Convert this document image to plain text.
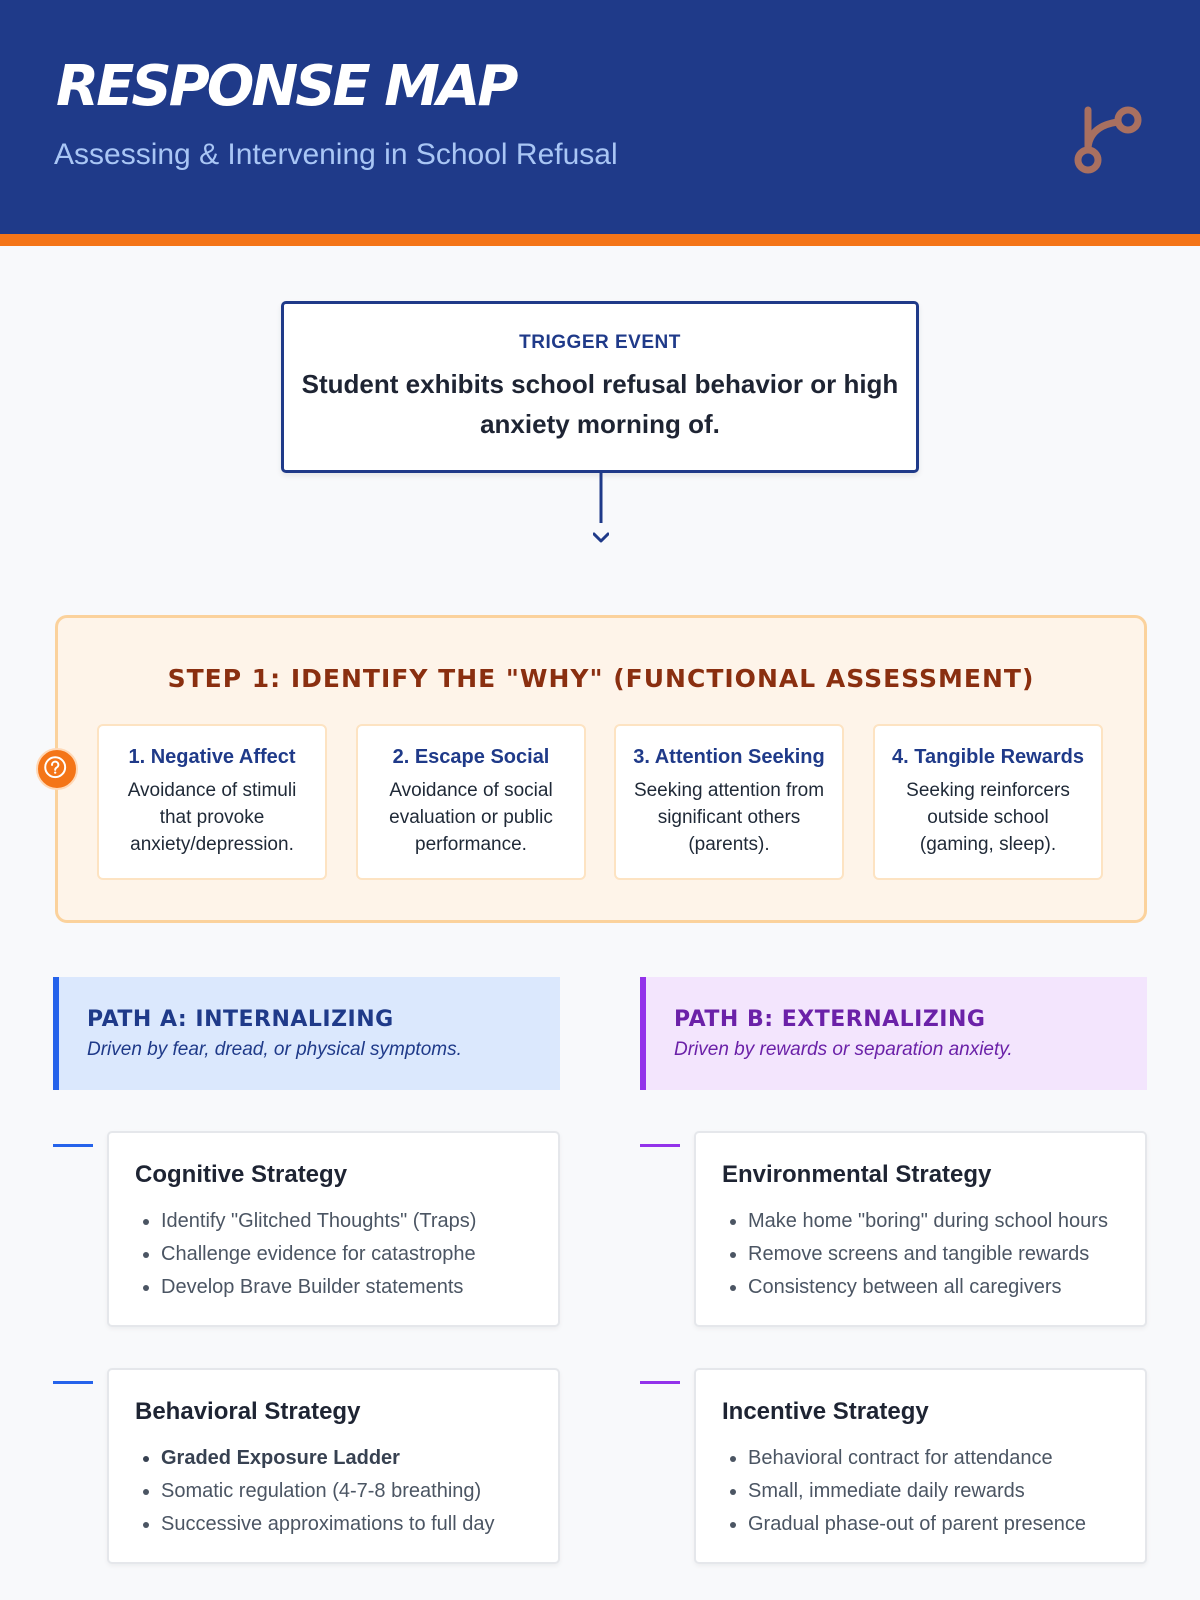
RESPONSE MAP
Assessing & Intervening in School Refusal
TRIGGER EVENT
Student exhibits school refusal behavior or high anxiety morning of.
STEP 1: IDENTIFY THE "WHY" (FUNCTIONAL ASSESSMENT)
1. Negative Affect
Avoidance of stimuli that provoke anxiety/depression.
2. Escape Social
Avoidance of social evaluation or public performance.
3. Attention Seeking
Seeking attention from significant others (parents).
4. Tangible Rewards
Seeking reinforcers outside school (gaming, sleep).
PATH A: INTERNALIZING
Driven by fear, dread, or physical symptoms.
Cognitive Strategy
• Identify "Glitched Thoughts" (Traps)
• Challenge evidence for catastrophe
• Develop Brave Builder statements
Behavioral Strategy
• Graded Exposure Ladder
• Somatic regulation (4-7-8 breathing)
• Successive approximations to full day
PATH B: EXTERNALIZING
Driven by rewards or separation anxiety.
Environmental Strategy
• Make home "boring" during school hours
• Remove screens and tangible rewards
• Consistency between all caregivers
Incentive Strategy
• Behavioral contract for attendance
• Small, immediate daily rewards
• Gradual phase-out of parent presence
